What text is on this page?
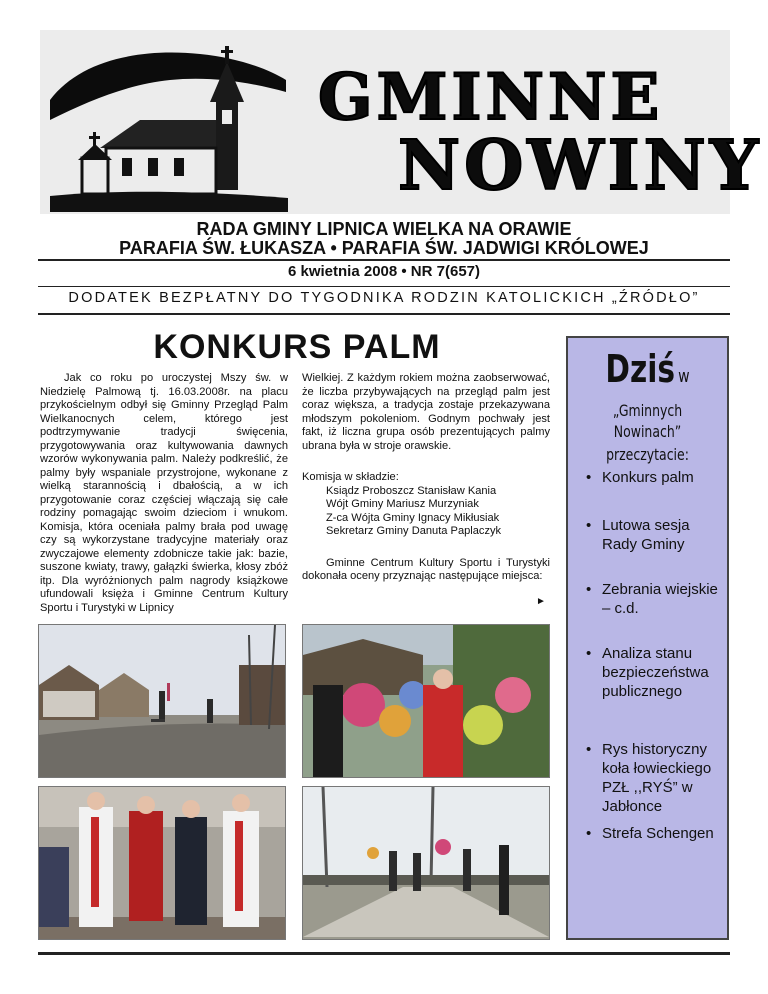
GMINNE
NOWINY
RADA GMINY LIPNICA WIELKA NA ORAWIE
PARAFIA ŚW. ŁUKASZA • PARAFIA ŚW. JADWIGI KRÓLOWEJ
6 kwietnia 2008 • NR 7(657)
DODATEK BEZPŁATNY DO TYGODNIKA RODZIN KATOLICKICH „ŹRÓDŁO”
KONKURS PALM

Jak co roku po uroczystej Mszy św. w Niedzielę Palmową tj. 16.03.2008r. na placu przykościelnym odbył się Gminny Przegląd Palm Wielkanocnych celem, którego jest podtrzymywanie tradycji święcenia, przygotowywania oraz kultywowania dawnych wzorów wykonywania palm. Należy podkreślić, że palmy były wspaniale przystrojone, wykonane z wielką starannością i dbałością, a w ich przygotowanie coraz częściej włączają się całe rodziny pomagając swoim dzieciom i wnukom. Komisja, która oceniała palmy brała pod uwagę czy są wykorzystane tradycyjne materiały oraz zwyczajowe elementy zdobnicze takie jak: bazie, suszone kwiaty, trawy, gałązki świerka, kłosy zbóż itp. Dla wyróżnionych palm nagrody książkowe ufundowali księża i Gminne Centrum Kultury Sportu i Turystyki w Lipnicy

Wielkiej. Z każdym rokiem można zaobserwować, że liczba przybywających na przegląd palm jest coraz większa, a tradycja zostaje przekazywana młodszym pokoleniom. Godnym pochwały jest fakt, iż liczna grupa osób prezentujących palmy ubrana była w stroje orawskie.

Komisja w składzie:

Ksiądz Proboszcz Stanisław Kania
Wójt Gminy Mariusz Murzyniak
Z-ca Wójta Gminy Ignacy Mikłusiak
Sekretarz Gminy Danuta Paplaczyk

Gminne Centrum Kultury Sportu i Turystyki dokonała oceny przyznając następujące miejsca:

►
Dziś w
„Gminnych Nowinach”
przeczytacie:
• Konkurs palm
• Lutowa sesja Rady Gminy
• Zebrania wiejskie – c.d.
• Analiza stanu bezpieczeństwa publicznego
• Rys historyczny koła łowieckiego PZŁ ,,RYŚ” w Jabłonce
• Strefa Schengen
